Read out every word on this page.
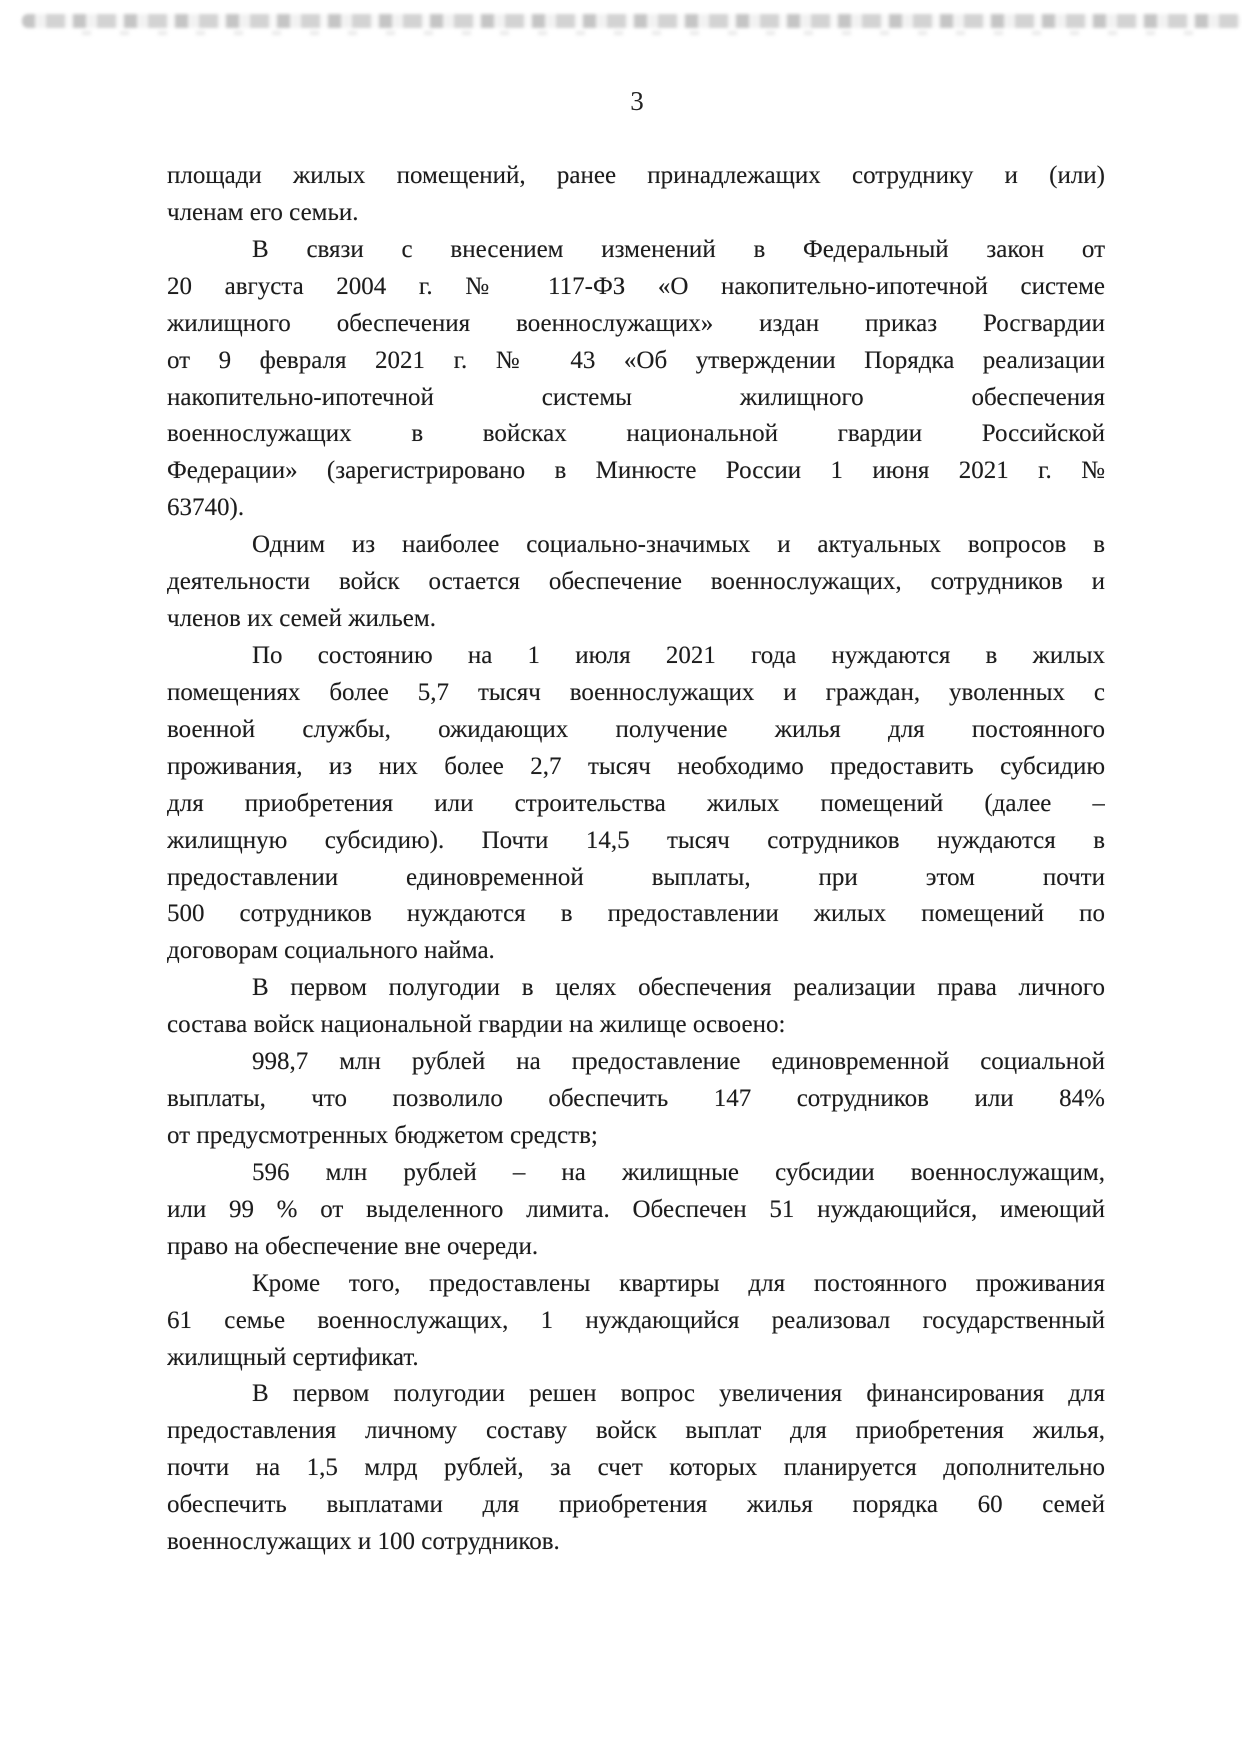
3
площади жилых помещений, ранее принадлежащих сотруднику и (или)
членам его семьи.
В связи с внесением изменений в Федеральный закон от
20 августа 2004 г. № 117-ФЗ «О накопительно-ипотечной системе
жилищного обеспечения военнослужащих» издан приказ Росгвардии
от 9 февраля 2021 г. № 43 «Об утверждении Порядка реализации
накопительно-ипотечной системы жилищного обеспечения
военнослужащих в войсках национальной гвардии Российской
Федерации» (зарегистрировано в Минюсте России 1 июня 2021 г. №
63740).
Одним из наиболее социально-значимых и актуальных вопросов в
деятельности войск остается обеспечение военнослужащих, сотрудников и
членов их семей жильем.
По состоянию на 1 июля 2021 года нуждаются в жилых
помещениях более 5,7 тысяч военнослужащих и граждан, уволенных с
военной службы, ожидающих получение жилья для постоянного
проживания, из них более 2,7 тысяч необходимо предоставить субсидию
для приобретения или строительства жилых помещений (далее –
жилищную субсидию). Почти 14,5 тысяч сотрудников нуждаются в
предоставлении единовременной выплаты, при этом почти
500 сотрудников нуждаются в предоставлении жилых помещений по
договорам социального найма.
В первом полугодии в целях обеспечения реализации права личного
состава войск национальной гвардии на жилище освоено:
998,7 млн рублей на предоставление единовременной социальной
выплаты, что позволило обеспечить 147 сотрудников или 84%
от предусмотренных бюджетом средств;
596 млн рублей – на жилищные субсидии военнослужащим,
или 99 % от выделенного лимита. Обеспечен 51 нуждающийся, имеющий
право на обеспечение вне очереди.
Кроме того, предоставлены квартиры для постоянного проживания
61 семье военнослужащих, 1 нуждающийся реализовал государственный
жилищный сертификат.
В первом полугодии решен вопрос увеличения финансирования для
предоставления личному составу войск выплат для приобретения жилья,
почти на 1,5 млрд рублей, за счет которых планируется дополнительно
обеспечить выплатами для приобретения жилья порядка 60 семей
военнослужащих и 100 сотрудников.
